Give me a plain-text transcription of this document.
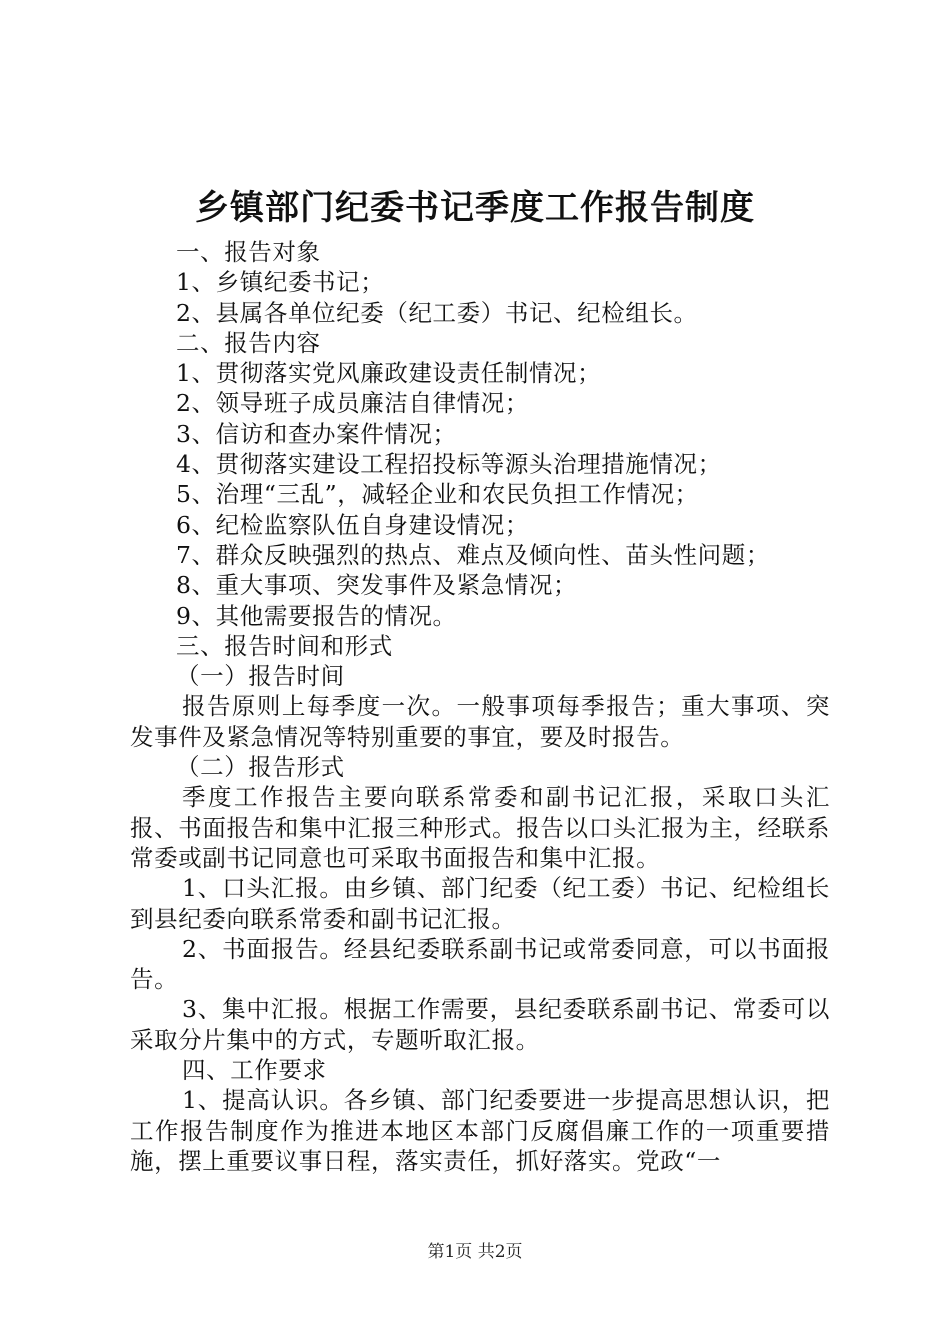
乡镇部门纪委书记季度工作报告制度
一、报告对象
1、乡镇纪委书记；
2、县属各单位纪委（纪工委）书记、纪检组长。
二、报告内容
1、贯彻落实党风廉政建设责任制情况；
2、领导班子成员廉洁自律情况；
3、信访和查办案件情况；
4、贯彻落实建设工程招投标等源头治理措施情况；
5、治理“三乱”，减轻企业和农民负担工作情况；
6、纪检监察队伍自身建设情况；
7、群众反映强烈的热点、难点及倾向性、苗头性问题；
8、重大事项、突发事件及紧急情况；
9、其他需要报告的情况。
三、报告时间和形式
（一）报告时间
报告原则上每季度一次。一般事项每季报告；重大事项、突发事件及紧急情况等特别重要的事宜，要及时报告。
（二）报告形式
季度工作报告主要向联系常委和副书记汇报，采取口头汇报、书面报告和集中汇报三种形式。报告以口头汇报为主，经联系常委或副书记同意也可采取书面报告和集中汇报。
1、口头汇报。由乡镇、部门纪委（纪工委）书记、纪检组长到县纪委向联系常委和副书记汇报。
2、书面报告。经县纪委联系副书记或常委同意，可以书面报告。
3、集中汇报。根据工作需要，县纪委联系副书记、常委可以采取分片集中的方式，专题听取汇报。
四、工作要求
1、提高认识。各乡镇、部门纪委要进一步提高思想认识，把工作报告制度作为推进本地区本部门反腐倡廉工作的一项重要措施，摆上重要议事日程，落实责任，抓好落实。党政“一
第1页 共2页
